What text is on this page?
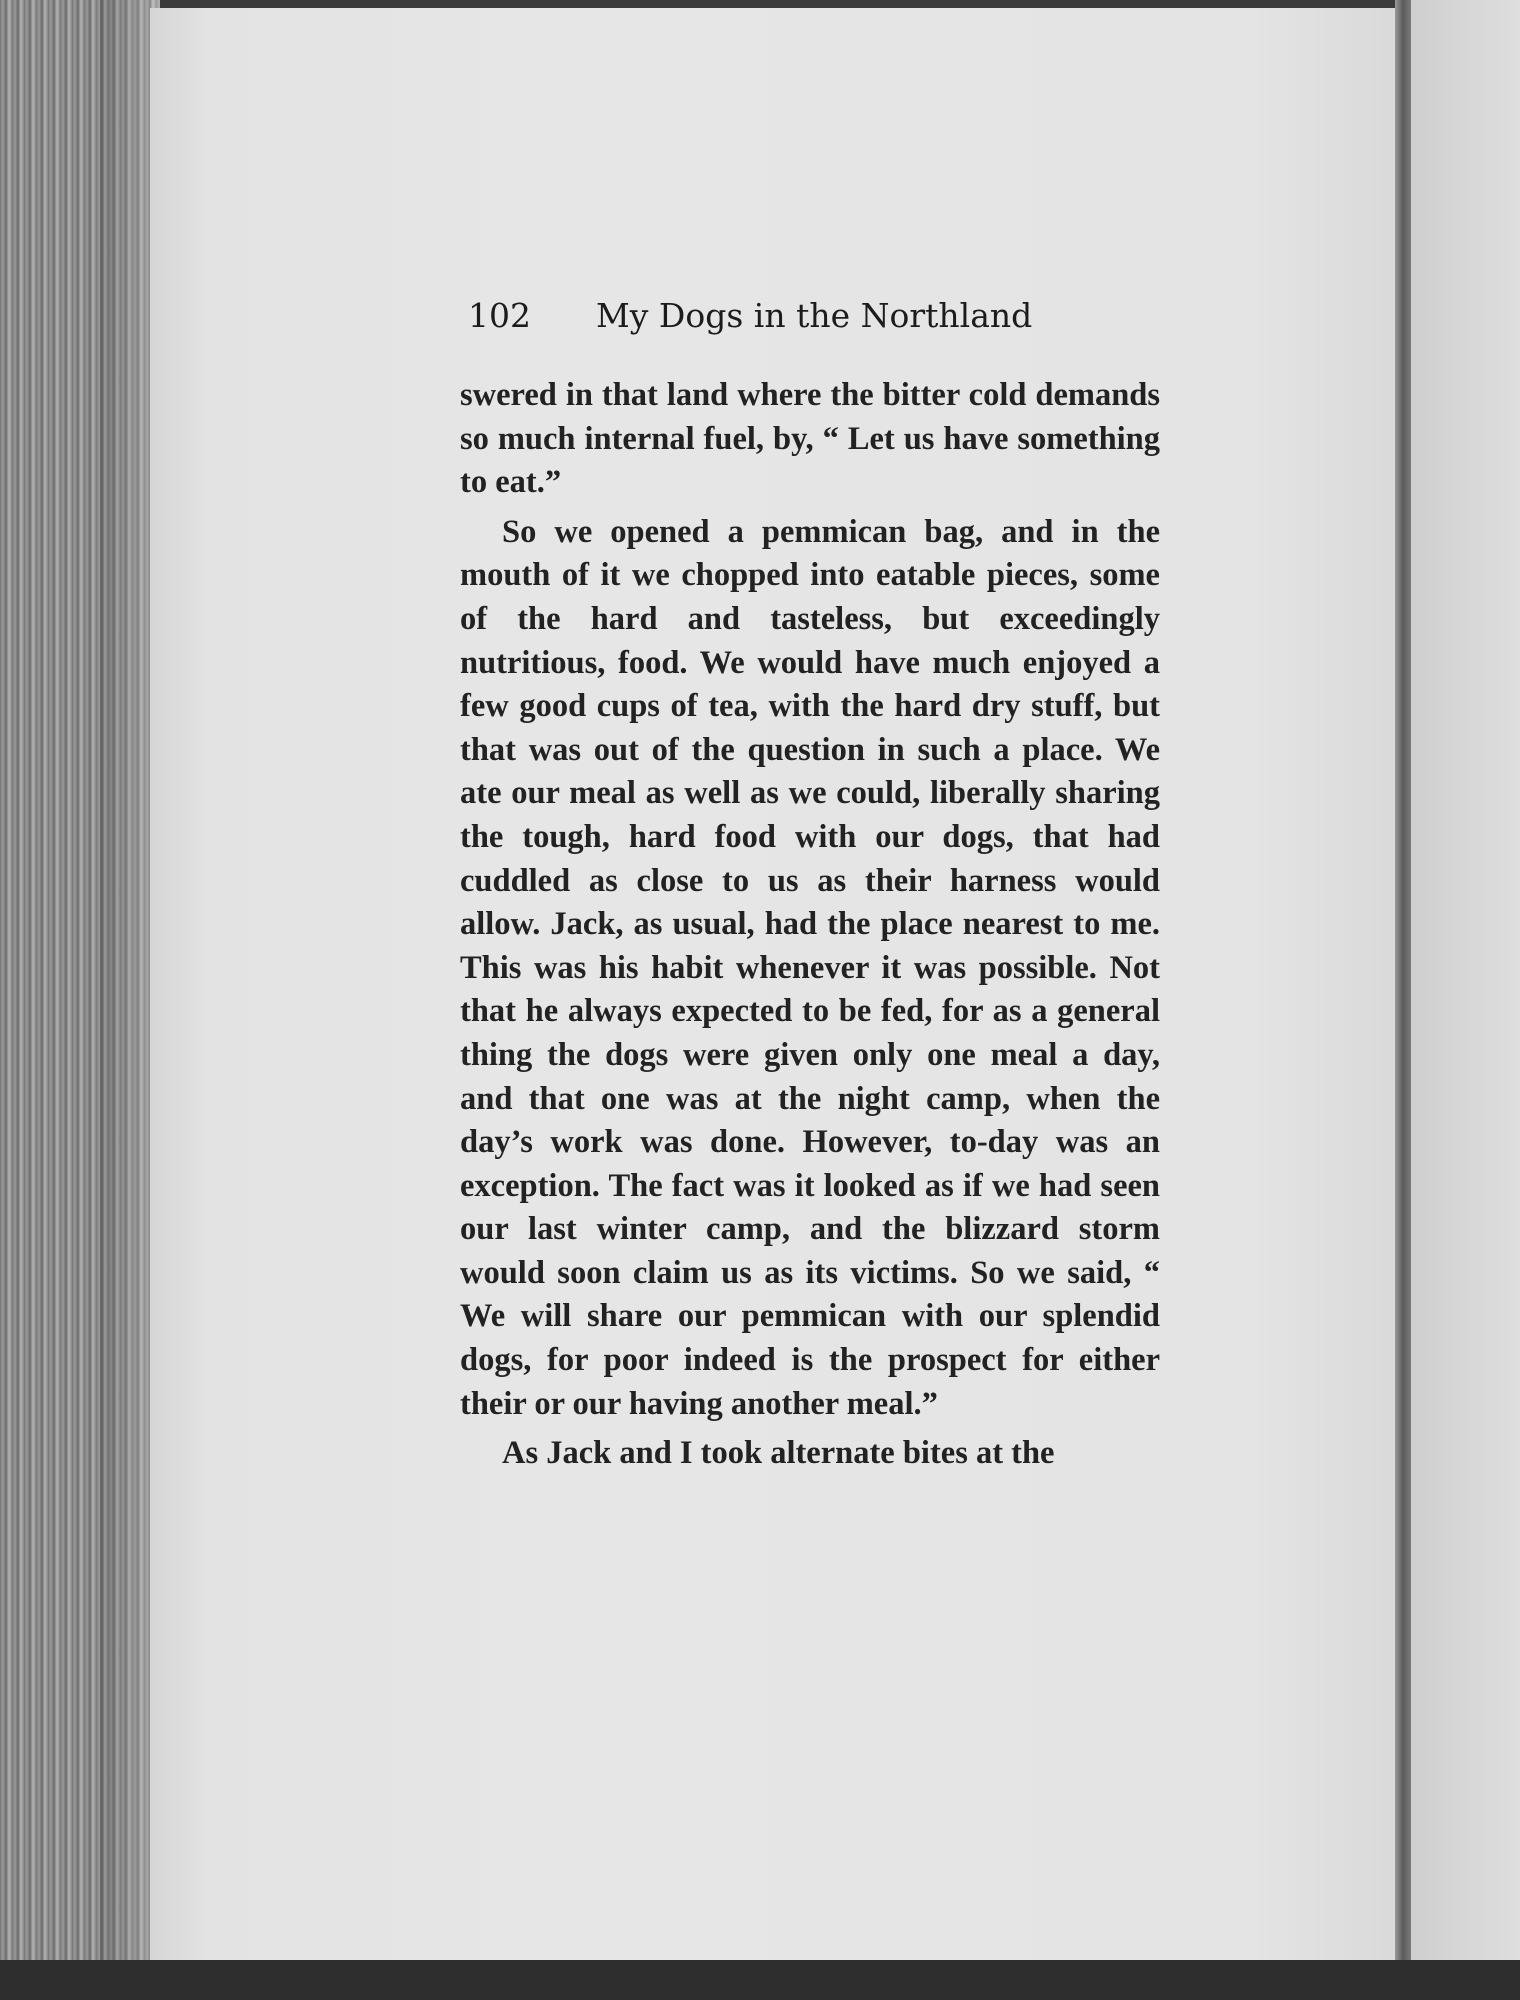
102 My Dogs in the Northland

swered in that land where the bitter cold demands so much internal fuel, by, “ Let us have something to eat.”

So we opened a pemmican bag, and in the mouth of it we chopped into eatable pieces, some of the hard and tasteless, but exceedingly nutritious, food. We would have much enjoyed a few good cups of tea, with the hard dry stuff, but that was out of the question in such a place. We ate our meal as well as we could, liberally sharing the tough, hard food with our dogs, that had cuddled as close to us as their harness would allow. Jack, as usual, had the place nearest to me. This was his habit whenever it was possible. Not that he always expected to be fed, for as a general thing the dogs were given only one meal a day, and that one was at the night camp, when the day’s work was done. However, to-day was an exception. The fact was it looked as if we had seen our last winter camp, and the blizzard storm would soon claim us as its victims. So we said, “ We will share our pemmican with our splendid dogs, for poor indeed is the prospect for either their or our having another meal.”

As Jack and I took alternate bites at the
